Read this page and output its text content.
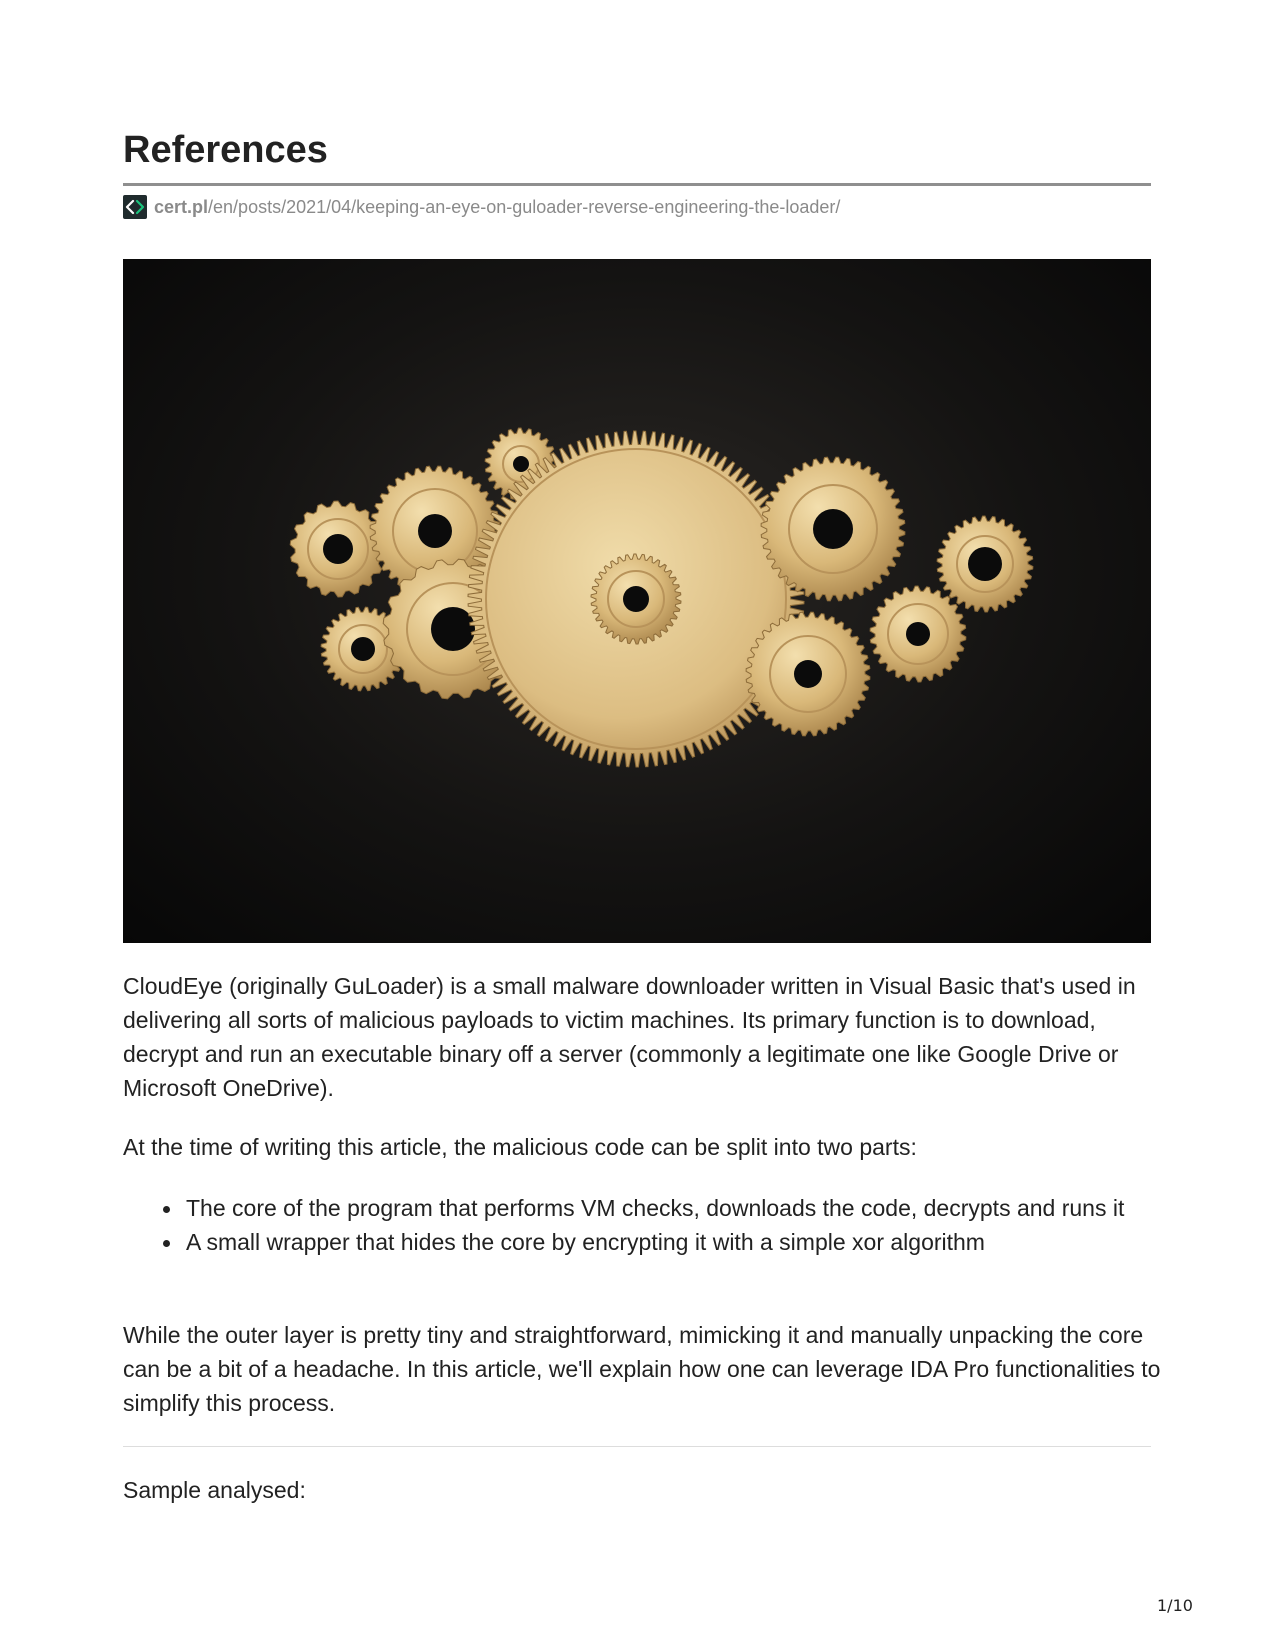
References
cert.pl /en/posts/2021/04/keeping-an-eye-on-guloader-reverse-engineering-the-loader/

CloudEye (originally GuLoader) is a small malware downloader written in Visual Basic that's used in delivering all sorts of malicious payloads to victim machines. Its primary function is to download, decrypt and run an executable binary off a server (commonly a legitimate one like Google Drive or Microsoft OneDrive).

At the time of writing this article, the malicious code can be split into two parts:

The core of the program that performs VM checks, downloads the code, decrypts and runs it
A small wrapper that hides the core by encrypting it with a simple xor algorithm

While the outer layer is pretty tiny and straightforward, mimicking it and manually unpacking the core can be a bit of a headache. In this article, we'll explain how one can leverage IDA Pro functionalities to simplify this process.

Sample analysed:

1/10
